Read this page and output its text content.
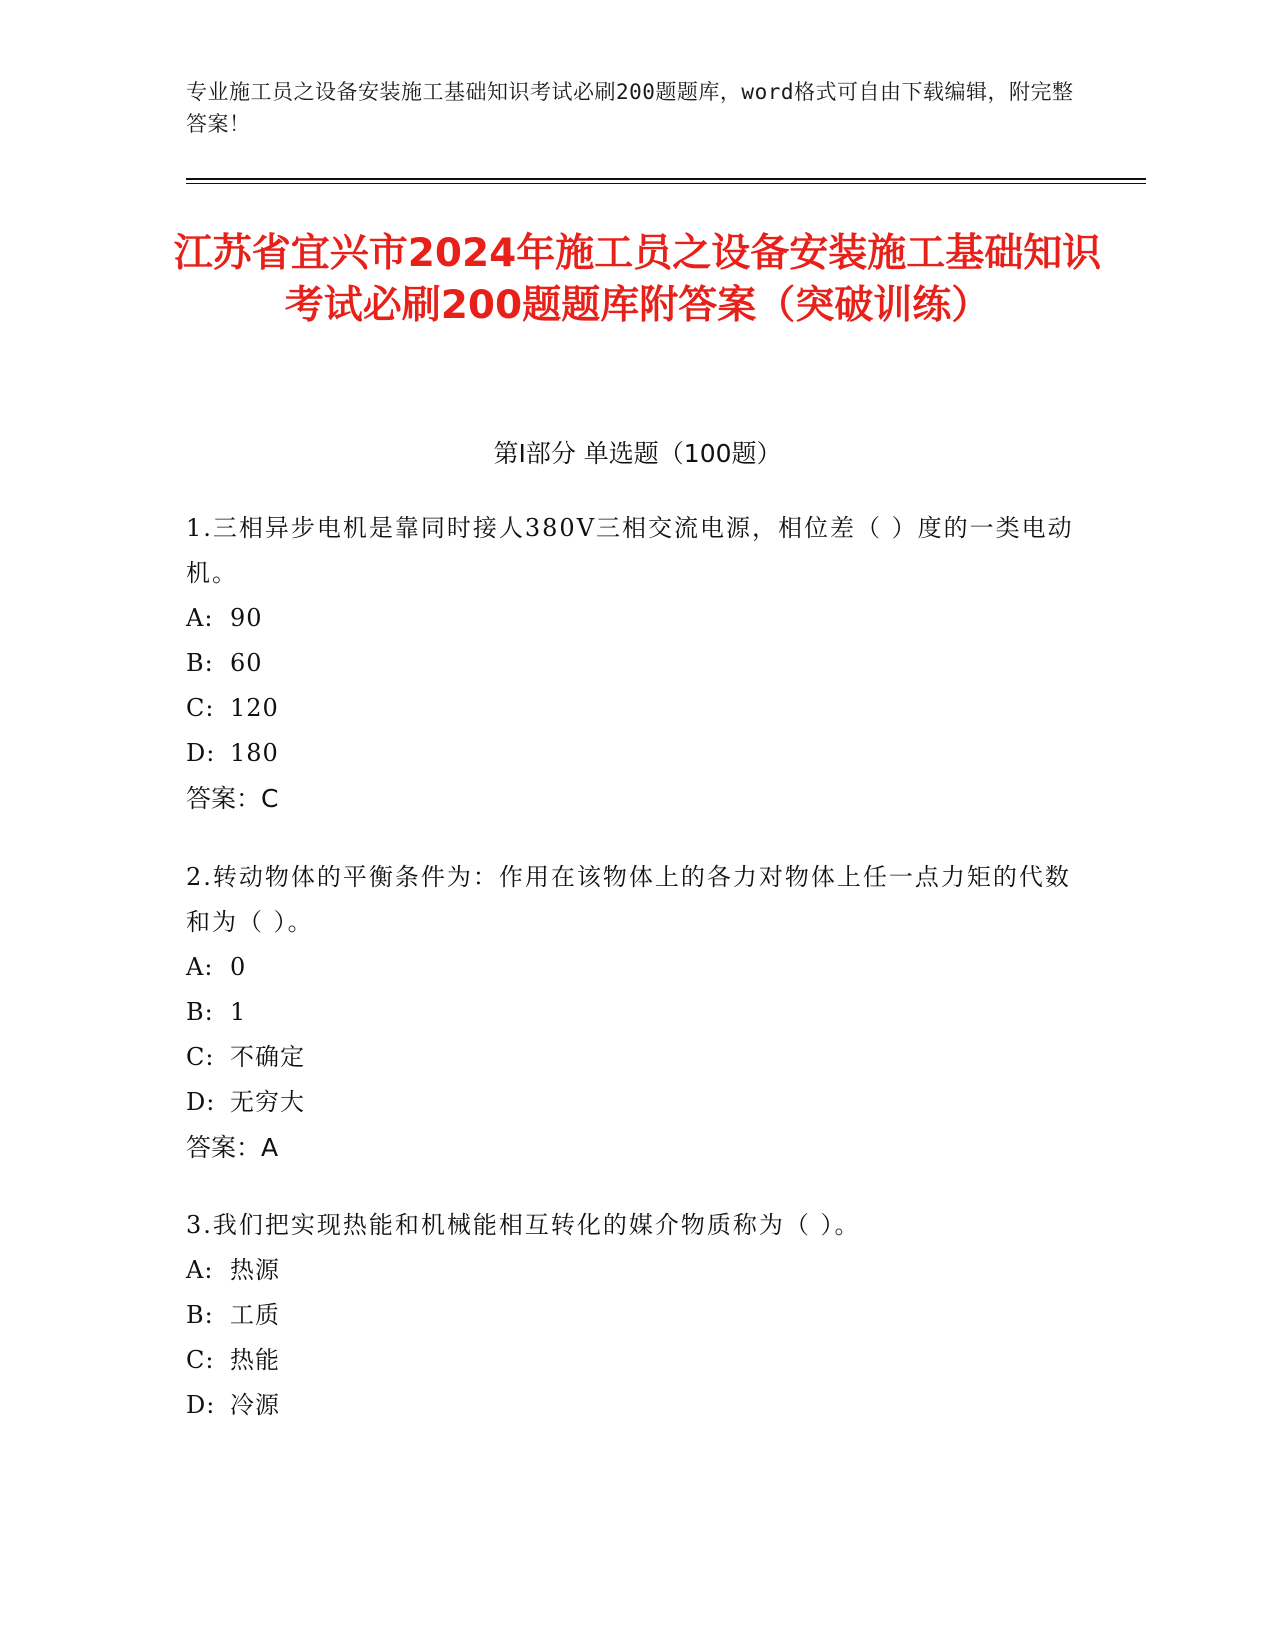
专业施工员之设备安装施工基础知识考试必刷200题题库，word格式可自由下载编辑，附完整答案！
江苏省宜兴市2024年施工员之设备安装施工基础知识考试必刷200题题库附答案（突破训练）
第Ⅰ部分 单选题（100题）

1.三相异步电机是靠同时接人380V三相交流电源，相位差（ ）度的一类电动机。

A: 90

B: 60

C: 120

D: 180

答案：C

2.转动物体的平衡条件为：作用在该物体上的各力对物体上任一点力矩的代数和为（ ）。

A: 0

B: 1

C: 不确定

D: 无穷大

答案：A

3.我们把实现热能和机械能相互转化的媒介物质称为（ ）。

A: 热源

B: 工质

C: 热能

D: 冷源
